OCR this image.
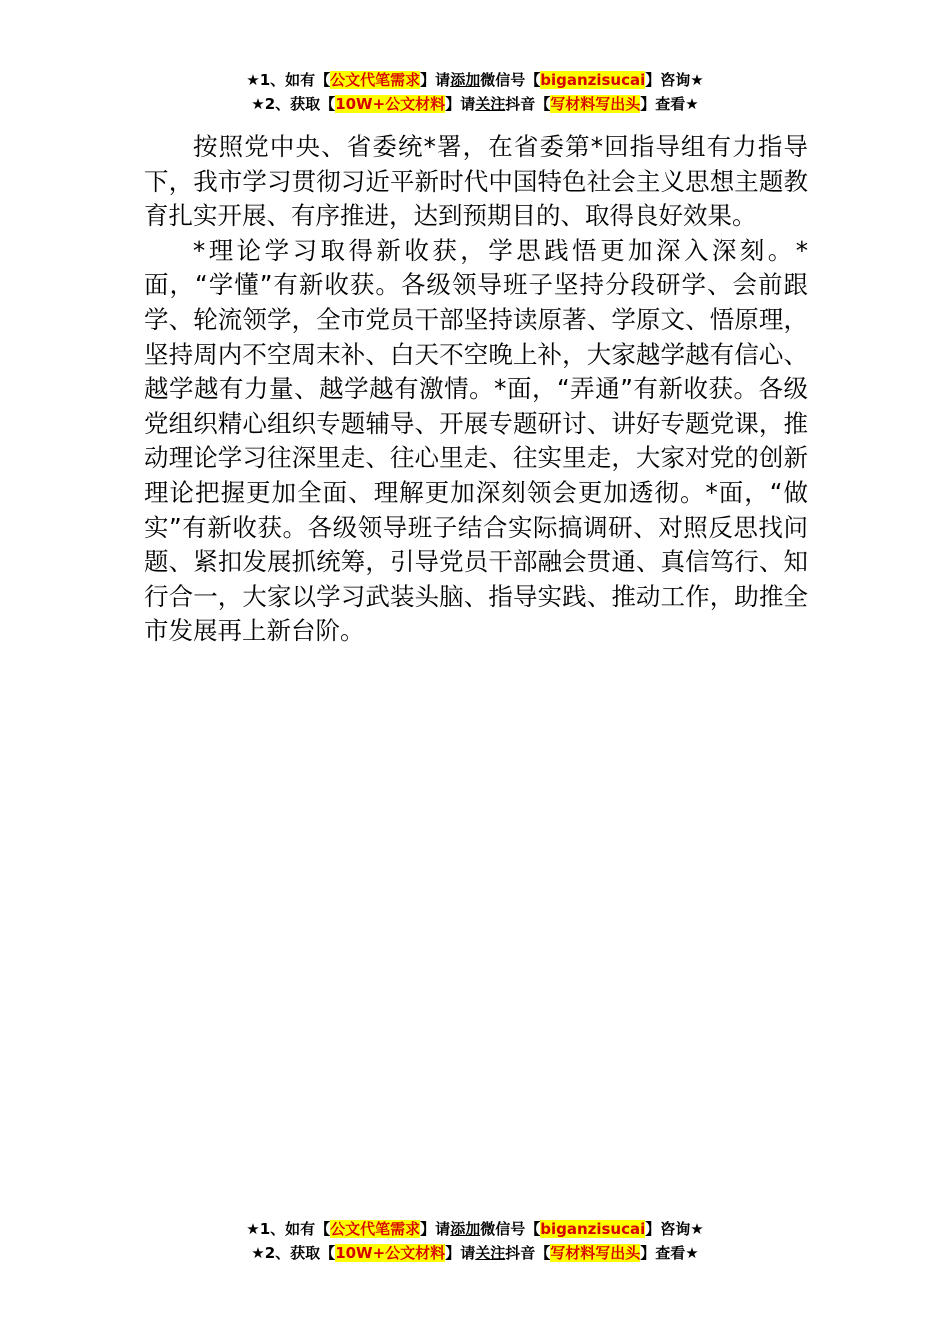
★1、如有【公文代笔需求】请添加微信号【biganzisucai】咨询★
★2、获取【10W+公文材料】请关注抖音【写材料写出头】查看★

按照党中央、省委统*署，在省委第*回指导组有力指导下，我市学习贯彻习近平新时代中国特色社会主义思想主题教育扎实开展、有序推进，达到预期目的、取得良好效果。

*理论学习取得新收获，学思践悟更加深入深刻。*面，“学懂”有新收获。各级领导班子坚持分段研学、会前跟学、轮流领学，全市党员干部坚持读原著、学原文、悟原理，坚持周内不空周末补、白天不空晚上补，大家越学越有信心、越学越有力量、越学越有激情。*面，“弄通”有新收获。各级党组织精心组织专题辅导、开展专题研讨、讲好专题党课，推动理论学习往深里走、往心里走、往实里走，大家对党的创新理论把握更加全面、理解更加深刻领会更加透彻。*面，“做实”有新收获。各级领导班子结合实际搞调研、对照反思找问题、紧扣发展抓统筹，引导党员干部融会贯通、真信笃行、知行合一，大家以学习武装头脑、指导实践、推动工作，助推全市发展再上新台阶。

★1、如有【公文代笔需求】请添加微信号【biganzisucai】咨询★
★2、获取【10W+公文材料】请关注抖音【写材料写出头】查看★
